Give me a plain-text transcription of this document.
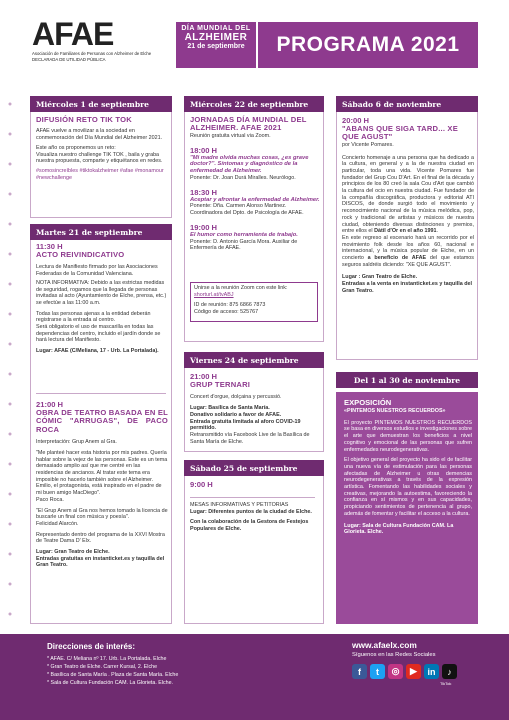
AFAE
Asociación de Familiares de Personas con Alzheimer de Elche
DECLARADA DE UTILIDAD PÚBLICA
DÍA MUNDIAL DEL
ALZHEIMER
21 de septiembre	PROGRAMA 2021
Miércoles 1 de septiembre
DIFUSIÓN RETO TIK TOK
AFAE vuelve a movilizar a la sociedad en conmemoración del Día Mundial del Alzheimer 2021.
Este año os proponemos un reto:
Visualiza nuestro challenge TIK TOK , baila y graba nuestra propuesta, comparte y etiquétanos en redes.
#somosincreíbles #tiktokalzheimer #afae #monamour #newchallenge
Martes 21 de septiembre
11:30 H
ACTO REIVINDICATIVO
Lectura de Manifiesto firmado por las Asociaciones Federadas de la Comunidad Valenciana.
NOTA INFORMATIVA: Debido a las estrictas medidas de seguridad, rogamos que la llegada de personas invitadas al acto (Ayuntamiento de Elche, prensa, etc.) se efectúe a las 11:00 a.m.
Todas las personas ajenas a la entidad deberán registrarse a la entrada al centro.
Será obligatorio el uso de mascarilla en todas las dependencias del centro, incluido el jardín donde se hará lectura del Manifiesto.
Lugar: AFAE (C/Meliana, 17 - Urb. La Portalada).
21:00 H
OBRA DE TEATRO BASADA EN EL CÓMIC "ARRUGAS", DE PACO ROCA
Interpretación: Grup Anem al Gra.
"Me planteé hacer esta historia por mis padres. Quería hablar sobre la vejez de las personas. Este es un tema demasiado amplio así que me centré en las residencias de ancianos. Al tratar este tema era imposible no hacerlo también sobre el Alzheimer. Emilio, el protagonista, está inspirado en el padre de mi buen amigo MacDiego".
Paco Roca.
"El Grup Anem al Gra nos hemos tomado la licencia de buscarle un final con música y poesía".
Felicidad Alarcón.
Representado dentro del programa de la XXVI Mostra de Teatre Dama D' Elx.
Lugar: Gran Teatro de Elche.
Entradas gratuitas en instanticket.es y taquilla del Gran Teatro.
Miércoles 22 de septiembre
JORNADAS DÍA MUNDIAL DEL ALZHEIMER. AFAE 2021
Reunión gratuita virtual via Zoom.
18:00 H
"Mi madre olvida muchas cosas, ¿es grave doctor?". Síntomas y diagnóstico de la enfermedad de Alzheimer.
Ponente: Dr. Joan Durá Miralles. Neurólogo.
18:30 H
Aceptar y afrontar la enfermedad de Alzheimer.
Ponente: Dña. Carmen Alonso Martinez. Coordinadora del Dpto. de Psicología de AFAE.
19:00 H
El humor como herramienta de trabajo.
Ponente: D. Antonio García Mora. Auxiliar de Enfermería de AFAE.
Unirse a la reunión Zoom con este link:
shorturl.at/tvABJ
ID de reunión: 875 6866 7873
Código de acceso: 525767
Viernes 24 de septiembre
21:00 H
GRUP TERNARI
Concert d'orgue, dolçaina y percussió.
Lugar: Basílica de Santa María.
Donativo solidario a favor de AFAE.
Entrada gratuita limitada al aforo COVID-19 permitido.
Retransmitido vía Facebook Live de la Basílica de Santa María de Elche.
Sábado 25 de septiembre
9:00 H
MESAS INFORMATIVAS Y PETITORIAS
Lugar: Diferentes puntos de la ciudad de Elche.
Con la colaboración de la Gestora de Festejos Populares de Elche.
Sábado 6 de noviembre
20:00 H
"ABANS QUE SIGA TARD... XE QUE AGUST"
por Vicente Pomares.
Concierto homenaje a una persona que ha dedicado a la cultura, en general y a la de nuestra ciudad en particular, toda una vida. Vicente Pomares fue fundador del Grup Cou D'Art. En el final de la década y principios de los 80 creó la sala Cou d'Art que cambió la cultura del ocio en nuestra ciudad. Fue fundador de la compañía discográfica, productora y editorial ATI DISCOS, de donde surgió todo el movimiento y reconocimiento nacional de la música melódica, pop, rock y tradicional de artistas y músicos de nuestra ciudad, obteniendo diversas distinciones y premios, entre ellos el Dàtil d'Or en el año 1991.
En este regreso al escenario hará un recorrido por el movimiento folk desde los años 60, nacional e internacional, y la música popular de Elche, en un concierto a beneficio de AFAE del que estamos seguros saldréis diciendo: "XE QUE AGUST".
Lugar : Gran Teatro de Elche.
Entradas a la venta en instanticket.es y taquilla del Gran Teatro.
Del 1 al 30 de noviembre
EXPOSICIÓN
«PINTEMOS NUESTROS RECUERDOS»
El proyecto PINTEMOS NUESTROS RECUERDOS se basa en diversos estudios e investigaciones sobre el arte que demuestran los beneficios a nivel cognitivo y emocional de las personas que sufren enfermedades neurodegenerativas.
El objetivo general del proyecto ha sido el de facilitar una nueva vía de estimulación para las personas afectadas de Alzheimer u otras demencias neurodegenerativas a través de la expresión artística. Fomentando las habilidades sociales y creativas, mejorando la autoestima, favoreciendo la confianza en sí mismos y en sus capacidades, propiciando sentimientos de pertenencia al grupo, además de fomentar y facilitar el acceso a la cultura.
Lugar: Sala de Cultura Fundación CAM. La Glorieta. Elche.
Direcciones de interés:
* AFAE. C/ Meliana nº 17. Urb. La Portalada. Elche
* Gran Teatro de Elche. Carrer Kursal, 2. Elche
* Basílica de Santa María . Plaza de Santa María. Elche
* Sala de Cultura Fundación CAM. La Glorieta. Elche.
www.afaelx.com
Síguenos en las Redes Sociales
f	t	◎	▶	in	♪
TikTok
